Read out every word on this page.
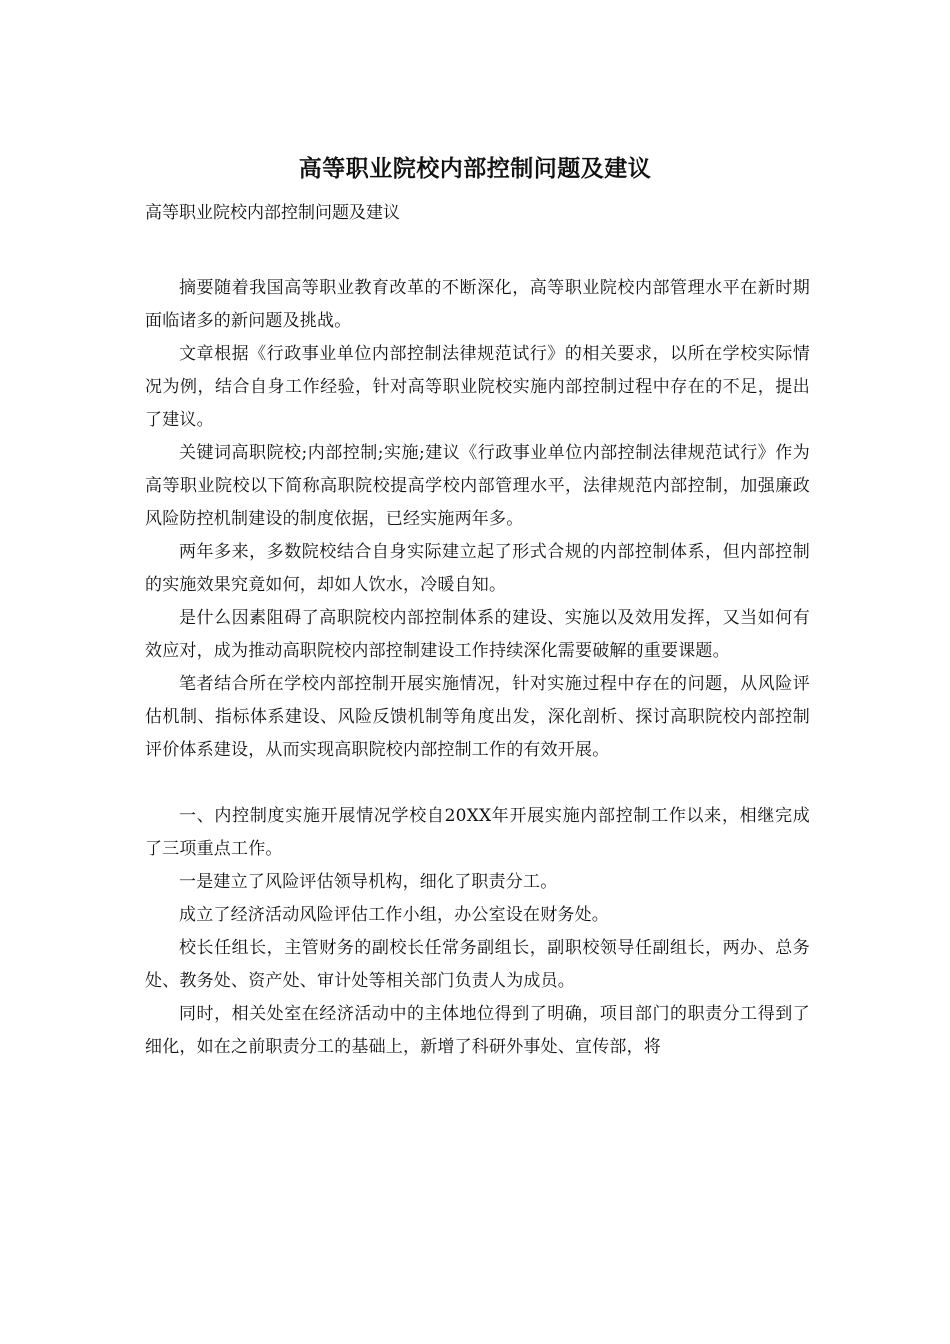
高等职业院校内部控制问题及建议
高等职业院校内部控制问题及建议

摘要随着我国高等职业教育改革的不断深化，高等职业院校内部管理水平在新时期面临诸多的新问题及挑战。

文章根据《行政事业单位内部控制法律规范试行》的相关要求，以所在学校实际情况为例，结合自身工作经验，针对高等职业院校实施内部控制过程中存在的不足，提出了建议。

关键词高职院校;内部控制;实施;建议《行政事业单位内部控制法律规范试行》作为高等职业院校以下简称高职院校提高学校内部管理水平，法律规范内部控制，加强廉政风险防控机制建设的制度依据，已经实施两年多。

两年多来，多数院校结合自身实际建立起了形式合规的内部控制体系，但内部控制的实施效果究竟如何，却如人饮水，冷暖自知。

是什么因素阻碍了高职院校内部控制体系的建设、实施以及效用发挥，又当如何有效应对，成为推动高职院校内部控制建设工作持续深化需要破解的重要课题。

笔者结合所在学校内部控制开展实施情况，针对实施过程中存在的问题，从风险评估机制、指标体系建设、风险反馈机制等角度出发，深化剖析、探讨高职院校内部控制评价体系建设，从而实现高职院校内部控制工作的有效开展。

一、内控制度实施开展情况学校自20XX年开展实施内部控制工作以来，相继完成了三项重点工作。

一是建立了风险评估领导机构，细化了职责分工。

成立了经济活动风险评估工作小组，办公室设在财务处。

校长任组长，主管财务的副校长任常务副组长，副职校领导任副组长，两办、总务处、教务处、资产处、审计处等相关部门负责人为成员。

同时，相关处室在经济活动中的主体地位得到了明确，项目部门的职责分工得到了细化，如在之前职责分工的基础上，新增了科研外事处、宣传部，将
